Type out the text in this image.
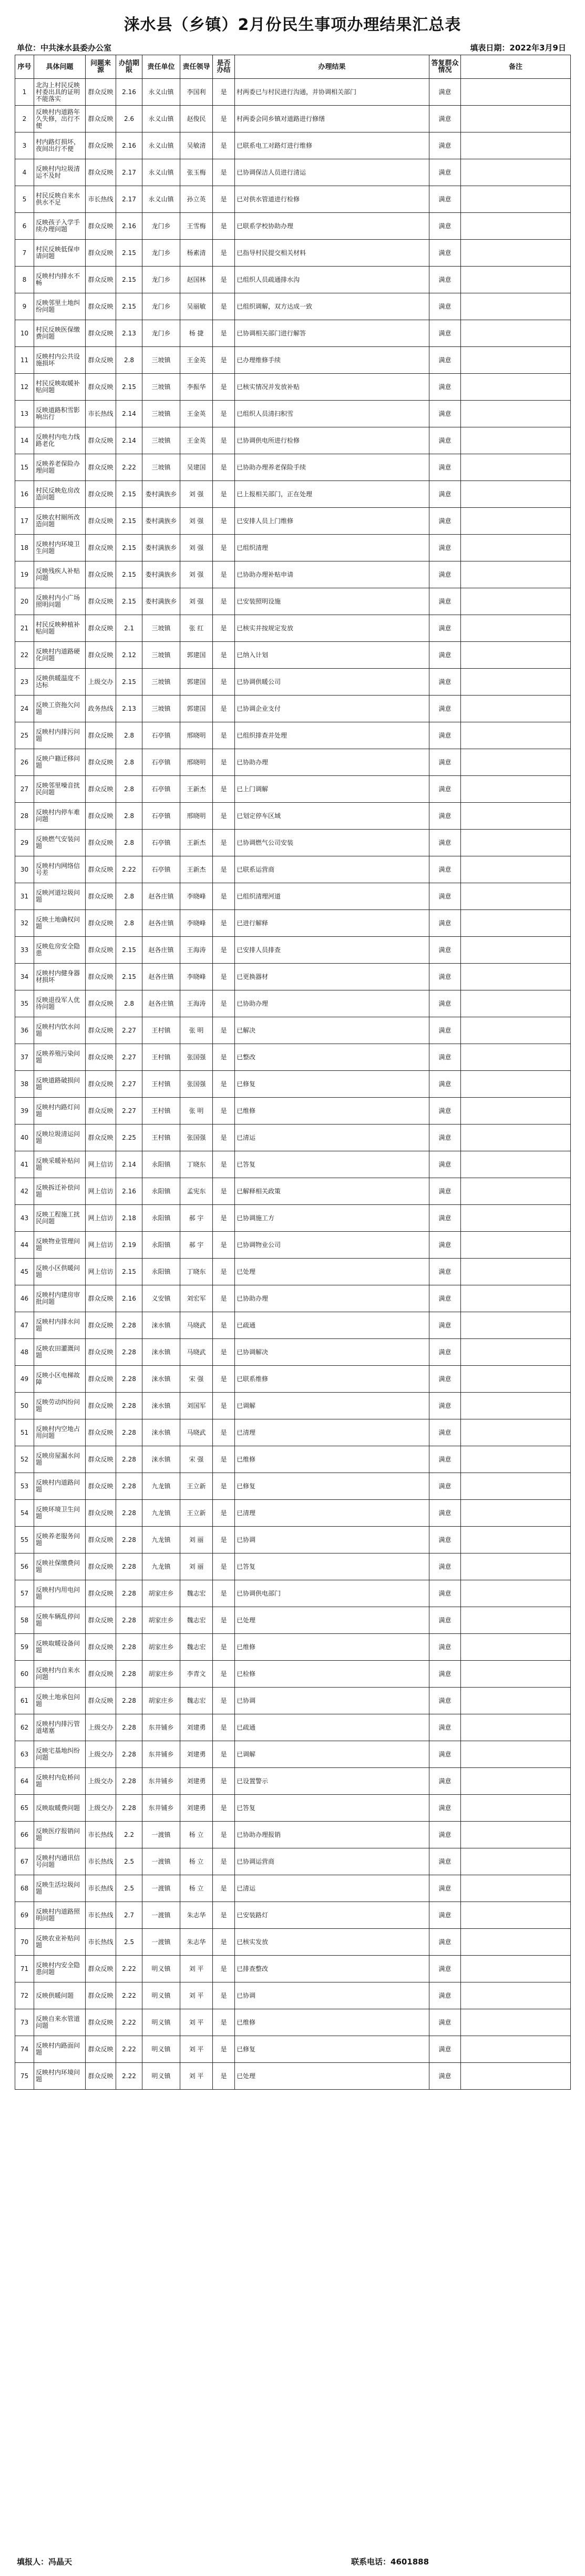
涞水县（乡镇）2月份民生事项办理结果汇总表
单位：中共涞水县委办公室	填表日期：2022年3月9日
序号	具体问题	问题来源	办结期限	责任单位	责任领导	是否办结	办理结果	答复群众情况	备注
1	北沟上村民反映村委出具的证明不能落实	群众反映	2.16	永义山镇	李国利	是	村两委已与村民进行沟通，并协调相关部门	满意	
2	反映村内道路年久失修，出行不便	群众反映	2.6	永义山镇	赵俊民	是	村两委会同乡镇对道路进行修缮	满意	
3	村内路灯损坏，夜间出行不便	群众反映	2.16	永义山镇	吴敏清	是	已联系电工对路灯进行维修	满意	
4	反映村内垃圾清运不及时	群众反映	2.17	永义山镇	张玉梅	是	已协调保洁人员进行清运	满意	
5	村民反映自来水供水不足	市长热线	2.17	永义山镇	孙立英	是	已对供水管道进行检修	满意	
6	反映孩子入学手续办理问题	群众反映	2.16	龙门乡	王雪梅	是	已联系学校协助办理	满意	
7	村民反映低保申请问题	群众反映	2.15	龙门乡	杨素清	是	已指导村民提交相关材料	满意	
8	反映村内排水不畅	群众反映	2.15	龙门乡	赵国林	是	已组织人员疏通排水沟	满意	
9	反映邻里土地纠纷问题	群众反映	2.15	龙门乡	吴丽敏	是	已组织调解，双方达成一致	满意	
10	村民反映医保缴费问题	群众反映	2.13	龙门乡	杨 捷	是	已协调相关部门进行解答	满意	
11	反映村内公共设施损坏	群众反映	2.8	三坡镇	王金英	是	已办理维修手续	满意	
12	村民反映取暖补贴问题	群众反映	2.15	三坡镇	李振华	是	已核实情况并发放补贴	满意	
13	反映道路积雪影响出行	市长热线	2.14	三坡镇	王金英	是	已组织人员清扫积雪	满意	
14	反映村内电力线路老化	群众反映	2.14	三坡镇	王金英	是	已协调供电所进行检修	满意	
15	反映养老保险办理问题	群众反映	2.22	三坡镇	吴建国	是	已协助办理养老保险手续	满意	
16	村民反映危房改造问题	群众反映	2.15	娄村满族乡	刘 强	是	已上报相关部门，正在处理	满意	
17	反映农村厕所改造问题	群众反映	2.15	娄村满族乡	刘 强	是	已安排人员上门维修	满意	
18	反映村内环境卫生问题	群众反映	2.15	娄村满族乡	刘 强	是	已组织清理	满意	
19	反映残疾人补贴问题	群众反映	2.15	娄村满族乡	刘 强	是	已协助办理补贴申请	满意	
20	反映村内小广场照明问题	群众反映	2.15	娄村满族乡	刘 强	是	已安装照明设施	满意	
21	村民反映种植补贴问题	群众反映	2.1	三坡镇	张 红	是	已核实并按规定发放	满意	
22	反映村内道路硬化问题	群众反映	2.12	三坡镇	郭建国	是	已纳入计划	满意	
23	反映供暖温度不达标	上级交办	2.15	三坡镇	郭建国	是	已协调供暖公司	满意	
24	反映工资拖欠问题	政务热线	2.13	三坡镇	郭建国	是	已协调企业支付	满意	
25	反映村内排污问题	群众反映	2.8	石亭镇	邢晓明	是	已组织排查并处理	满意	
26	反映户籍迁移问题	群众反映	2.8	石亭镇	邢晓明	是	已协助办理	满意	
27	反映邻里噪音扰民问题	群众反映	2.8	石亭镇	王新杰	是	已上门调解	满意	
28	反映村内停车难问题	群众反映	2.8	石亭镇	邢晓明	是	已划定停车区域	满意	
29	反映燃气安装问题	群众反映	2.8	石亭镇	王新杰	是	已协调燃气公司安装	满意	
30	反映村内网络信号差	群众反映	2.22	石亭镇	王新杰	是	已联系运营商	满意	
31	反映河道垃圾问题	群众反映	2.8	赵各庄镇	李晓峰	是	已组织清理河道	满意	
32	反映土地确权问题	群众反映	2.8	赵各庄镇	李晓峰	是	已进行解释	满意	
33	反映危房安全隐患	群众反映	2.15	赵各庄镇	王海涛	是	已安排人员排查	满意	
34	反映村内健身器材损坏	群众反映	2.15	赵各庄镇	李晓峰	是	已更换器材	满意	
35	反映退役军人优待问题	群众反映	2.8	赵各庄镇	王海涛	是	已协助办理	满意	
36	反映村内饮水问题	群众反映	2.27	王村镇	张 明	是	已解决	满意	
37	反映养殖污染问题	群众反映	2.27	王村镇	张国强	是	已整改	满意	
38	反映道路破损问题	群众反映	2.27	王村镇	张国强	是	已修复	满意	
39	反映村内路灯问题	群众反映	2.27	王村镇	张 明	是	已维修	满意	
40	反映垃圾清运问题	群众反映	2.25	王村镇	张国强	是	已清运	满意	
41	反映采暖补贴问题	网上信访	2.14	永阳镇	丁晓东	是	已答复	满意	
42	反映拆迁补偿问题	网上信访	2.16	永阳镇	孟宪东	是	已解释相关政策	满意	
43	反映工程施工扰民问题	网上信访	2.18	永阳镇	郝 宇	是	已协调施工方	满意	
44	反映物业管理问题	网上信访	2.19	永阳镇	郝 宇	是	已协调物业公司	满意	
45	反映小区供暖问题	网上信访	2.15	永阳镇	丁晓东	是	已处理	满意	
46	反映村内建房审批问题	群众反映	2.16	义安镇	刘宏军	是	已协助办理	满意	
47	反映村内排水问题	群众反映	2.28	涞水镇	马晓武	是	已疏通	满意	
48	反映农田灌溉问题	群众反映	2.28	涞水镇	马晓武	是	已协调解决	满意	
49	反映小区电梯故障	群众反映	2.28	涞水镇	宋 强	是	已联系维修	满意	
50	反映劳动纠纷问题	群众反映	2.28	涞水镇	刘国军	是	已调解	满意	
51	反映村内空地占用问题	群众反映	2.28	涞水镇	马晓武	是	已清理	满意	
52	反映房屋漏水问题	群众反映	2.28	涞水镇	宋 强	是	已维修	满意	
53	反映村内道路问题	群众反映	2.28	九龙镇	王立新	是	已修复	满意	
54	反映环境卫生问题	群众反映	2.28	九龙镇	王立新	是	已清理	满意	
55	反映养老服务问题	群众反映	2.28	九龙镇	刘 丽	是	已协调	满意	
56	反映社保缴费问题	群众反映	2.28	九龙镇	刘 丽	是	已答复	满意	
57	反映村内用电问题	群众反映	2.28	胡家庄乡	魏志宏	是	已协调供电部门	满意	
58	反映车辆乱停问题	群众反映	2.28	胡家庄乡	魏志宏	是	已处理	满意	
59	反映取暖设备问题	群众反映	2.28	胡家庄乡	魏志宏	是	已维修	满意	
60	反映村内自来水问题	群众反映	2.28	胡家庄乡	李青文	是	已检修	满意	
61	反映土地承包问题	群众反映	2.28	胡家庄乡	魏志宏	是	已协调	满意	
62	反映村内排污管道堵塞	上级交办	2.28	东井铺乡	刘建勇	是	已疏通	满意	
63	反映宅基地纠纷问题	上级交办	2.28	东井铺乡	刘建勇	是	已调解	满意	
64	反映村内危桥问题	上级交办	2.28	东井铺乡	刘建勇	是	已设置警示	满意	
65	反映取暖费问题	上级交办	2.28	东井铺乡	刘建勇	是	已答复	满意	
66	反映医疗报销问题	市长热线	2.2	一渡镇	杨 立	是	已协助办理报销	满意	
67	反映村内通讯信号问题	市长热线	2.5	一渡镇	杨 立	是	已协调运营商	满意	
68	反映生活垃圾问题	市长热线	2.5	一渡镇	杨 立	是	已清运	满意	
69	反映村内道路照明问题	市长热线	2.7	一渡镇	朱志华	是	已安装路灯	满意	
70	反映农业补贴问题	市长热线	2.5	一渡镇	朱志华	是	已核实发放	满意	
71	反映村内安全隐患问题	群众反映	2.22	明义镇	刘 平	是	已排查整改	满意	
72	反映供暖问题	群众反映	2.22	明义镇	刘 平	是	已协调	满意	
73	反映自来水管道问题	群众反映	2.22	明义镇	刘 平	是	已维修	满意	
74	反映村内路面问题	群众反映	2.22	明义镇	刘 平	是	已修复	满意	
75	反映村内环境问题	群众反映	2.22	明义镇	刘 平	是	已处理	满意	
填报人：冯晶天	联系电话：4601888
